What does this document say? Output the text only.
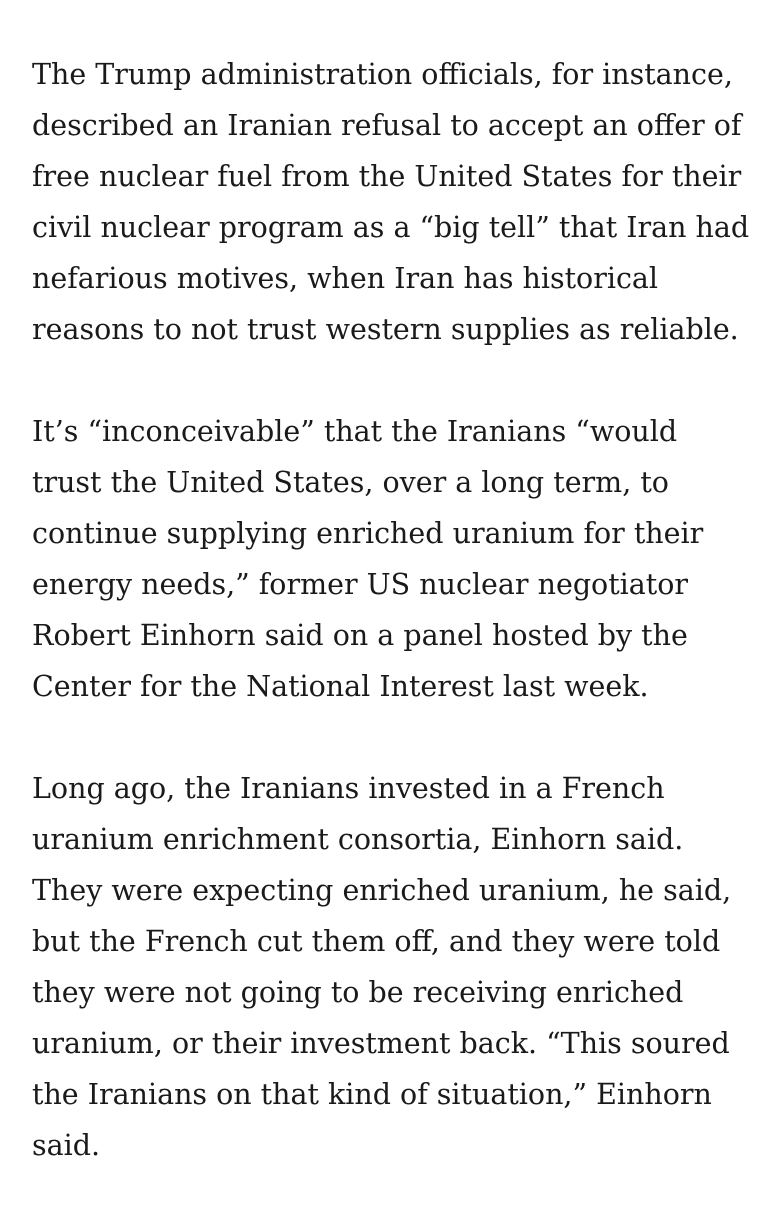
The Trump administration officials, for instance,
described an Iranian refusal to accept an offer of
free nuclear fuel from the United States for their
civil nuclear program as a “big tell” that Iran had
nefarious motives, when Iran has historical
reasons to not trust western supplies as reliable.

It’s “inconceivable” that the Iranians “would
trust the United States, over a long term, to
continue supplying enriched uranium for their
energy needs,” former US nuclear negotiator
Robert Einhorn said on a panel hosted by the
Center for the National Interest last week.

Long ago, the Iranians invested in a French
uranium enrichment consortia, Einhorn said.
They were expecting enriched uranium, he said,
but the French cut them off, and they were told
they were not going to be receiving enriched
uranium, or their investment back. “This soured
the Iranians on that kind of situation,” Einhorn
said.
